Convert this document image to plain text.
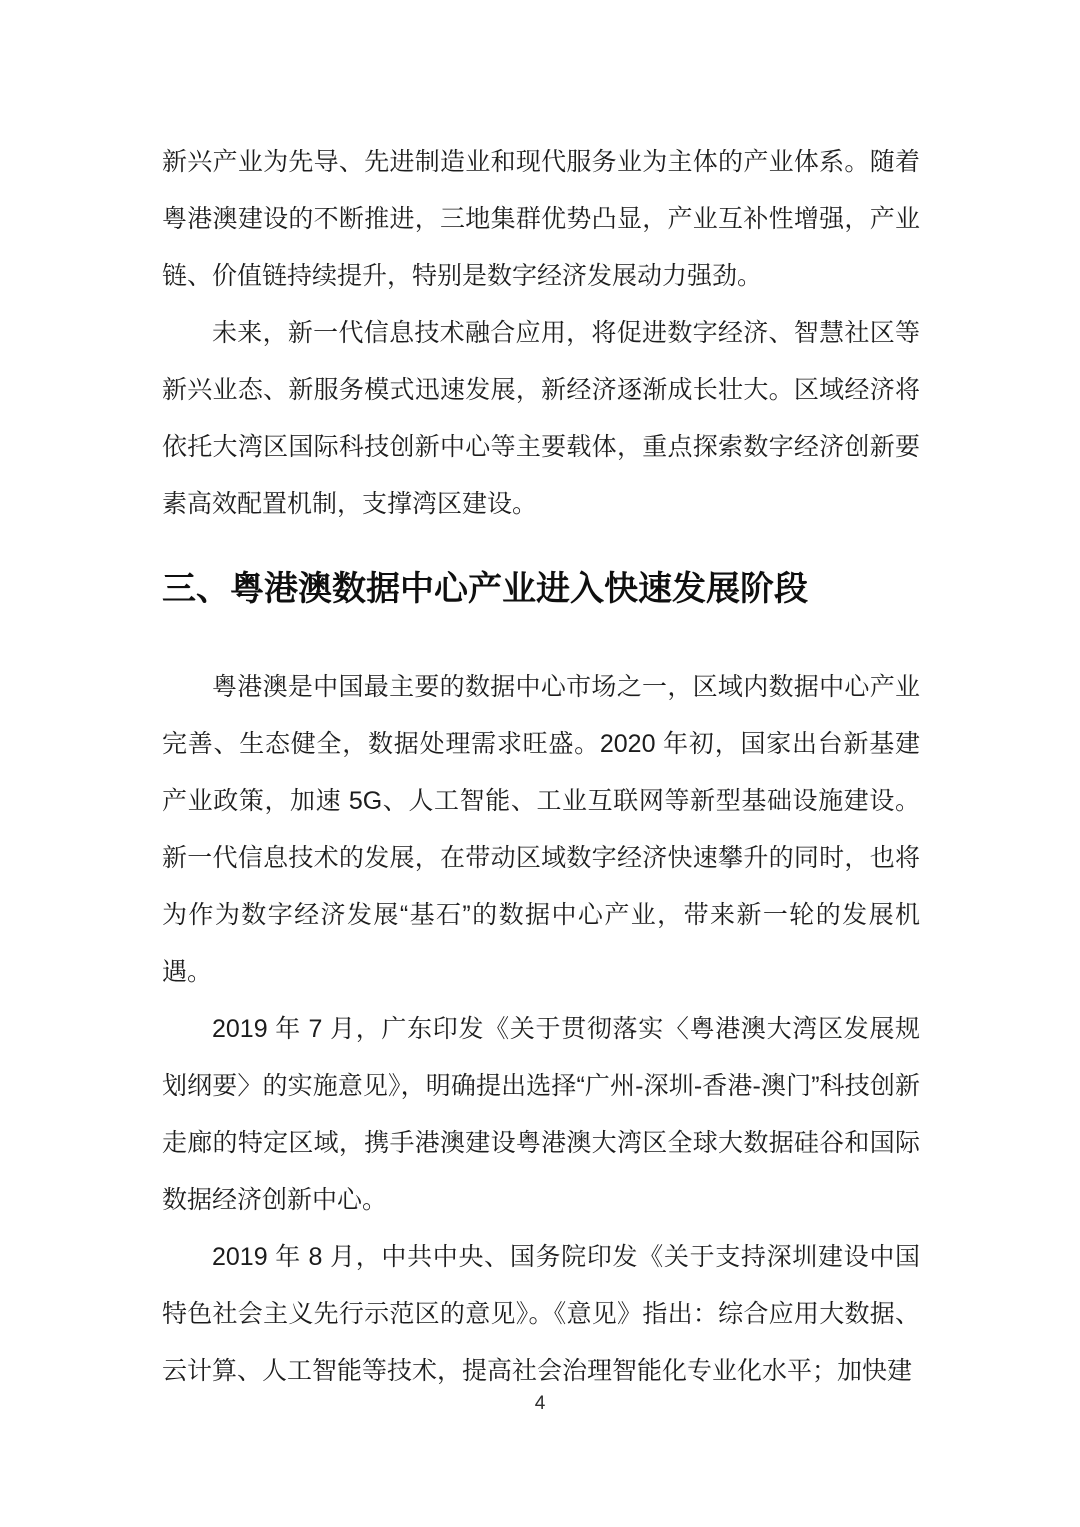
新兴产业为先导、先进制造业和现代服务业为主体的产业体系。随着粤港澳建设的不断推进，三地集群优势凸显，产业互补性增强，产业链、价值链持续提升，特别是数字经济发展动力强劲。

未来，新一代信息技术融合应用，将促进数字经济、智慧社区等新兴业态、新服务模式迅速发展，新经济逐渐成长壮大。区域经济将依托大湾区国际科技创新中心等主要载体，重点探索数字经济创新要素高效配置机制，支撑湾区建设。

三、粤港澳数据中心产业进入快速发展阶段

粤港澳是中国最主要的数据中心市场之一，区域内数据中心产业完善、生态健全，数据处理需求旺盛。2020 年初，国家出台新基建产业政策，加速 5G、人工智能、工业互联网等新型基础设施建设。新一代信息技术的发展，在带动区域数字经济快速攀升的同时，也将为作为数字经济发展“基石”的数据中心产业，带来新一轮的发展机遇。

2019 年 7 月，广东印发《关于贯彻落实〈粤港澳大湾区发展规划纲要〉的实施意见》，明确提出选择“广州-深圳-香港-澳门”科技创新走廊的特定区域，携手港澳建设粤港澳大湾区全球大数据硅谷和国际数据经济创新中心。

2019 年 8 月，中共中央、国务院印发《关于支持深圳建设中国特色社会主义先行示范区的意见》。《意见》指出：综合应用大数据、云计算、人工智能等技术，提高社会治理智能化专业化水平；加快建

4
